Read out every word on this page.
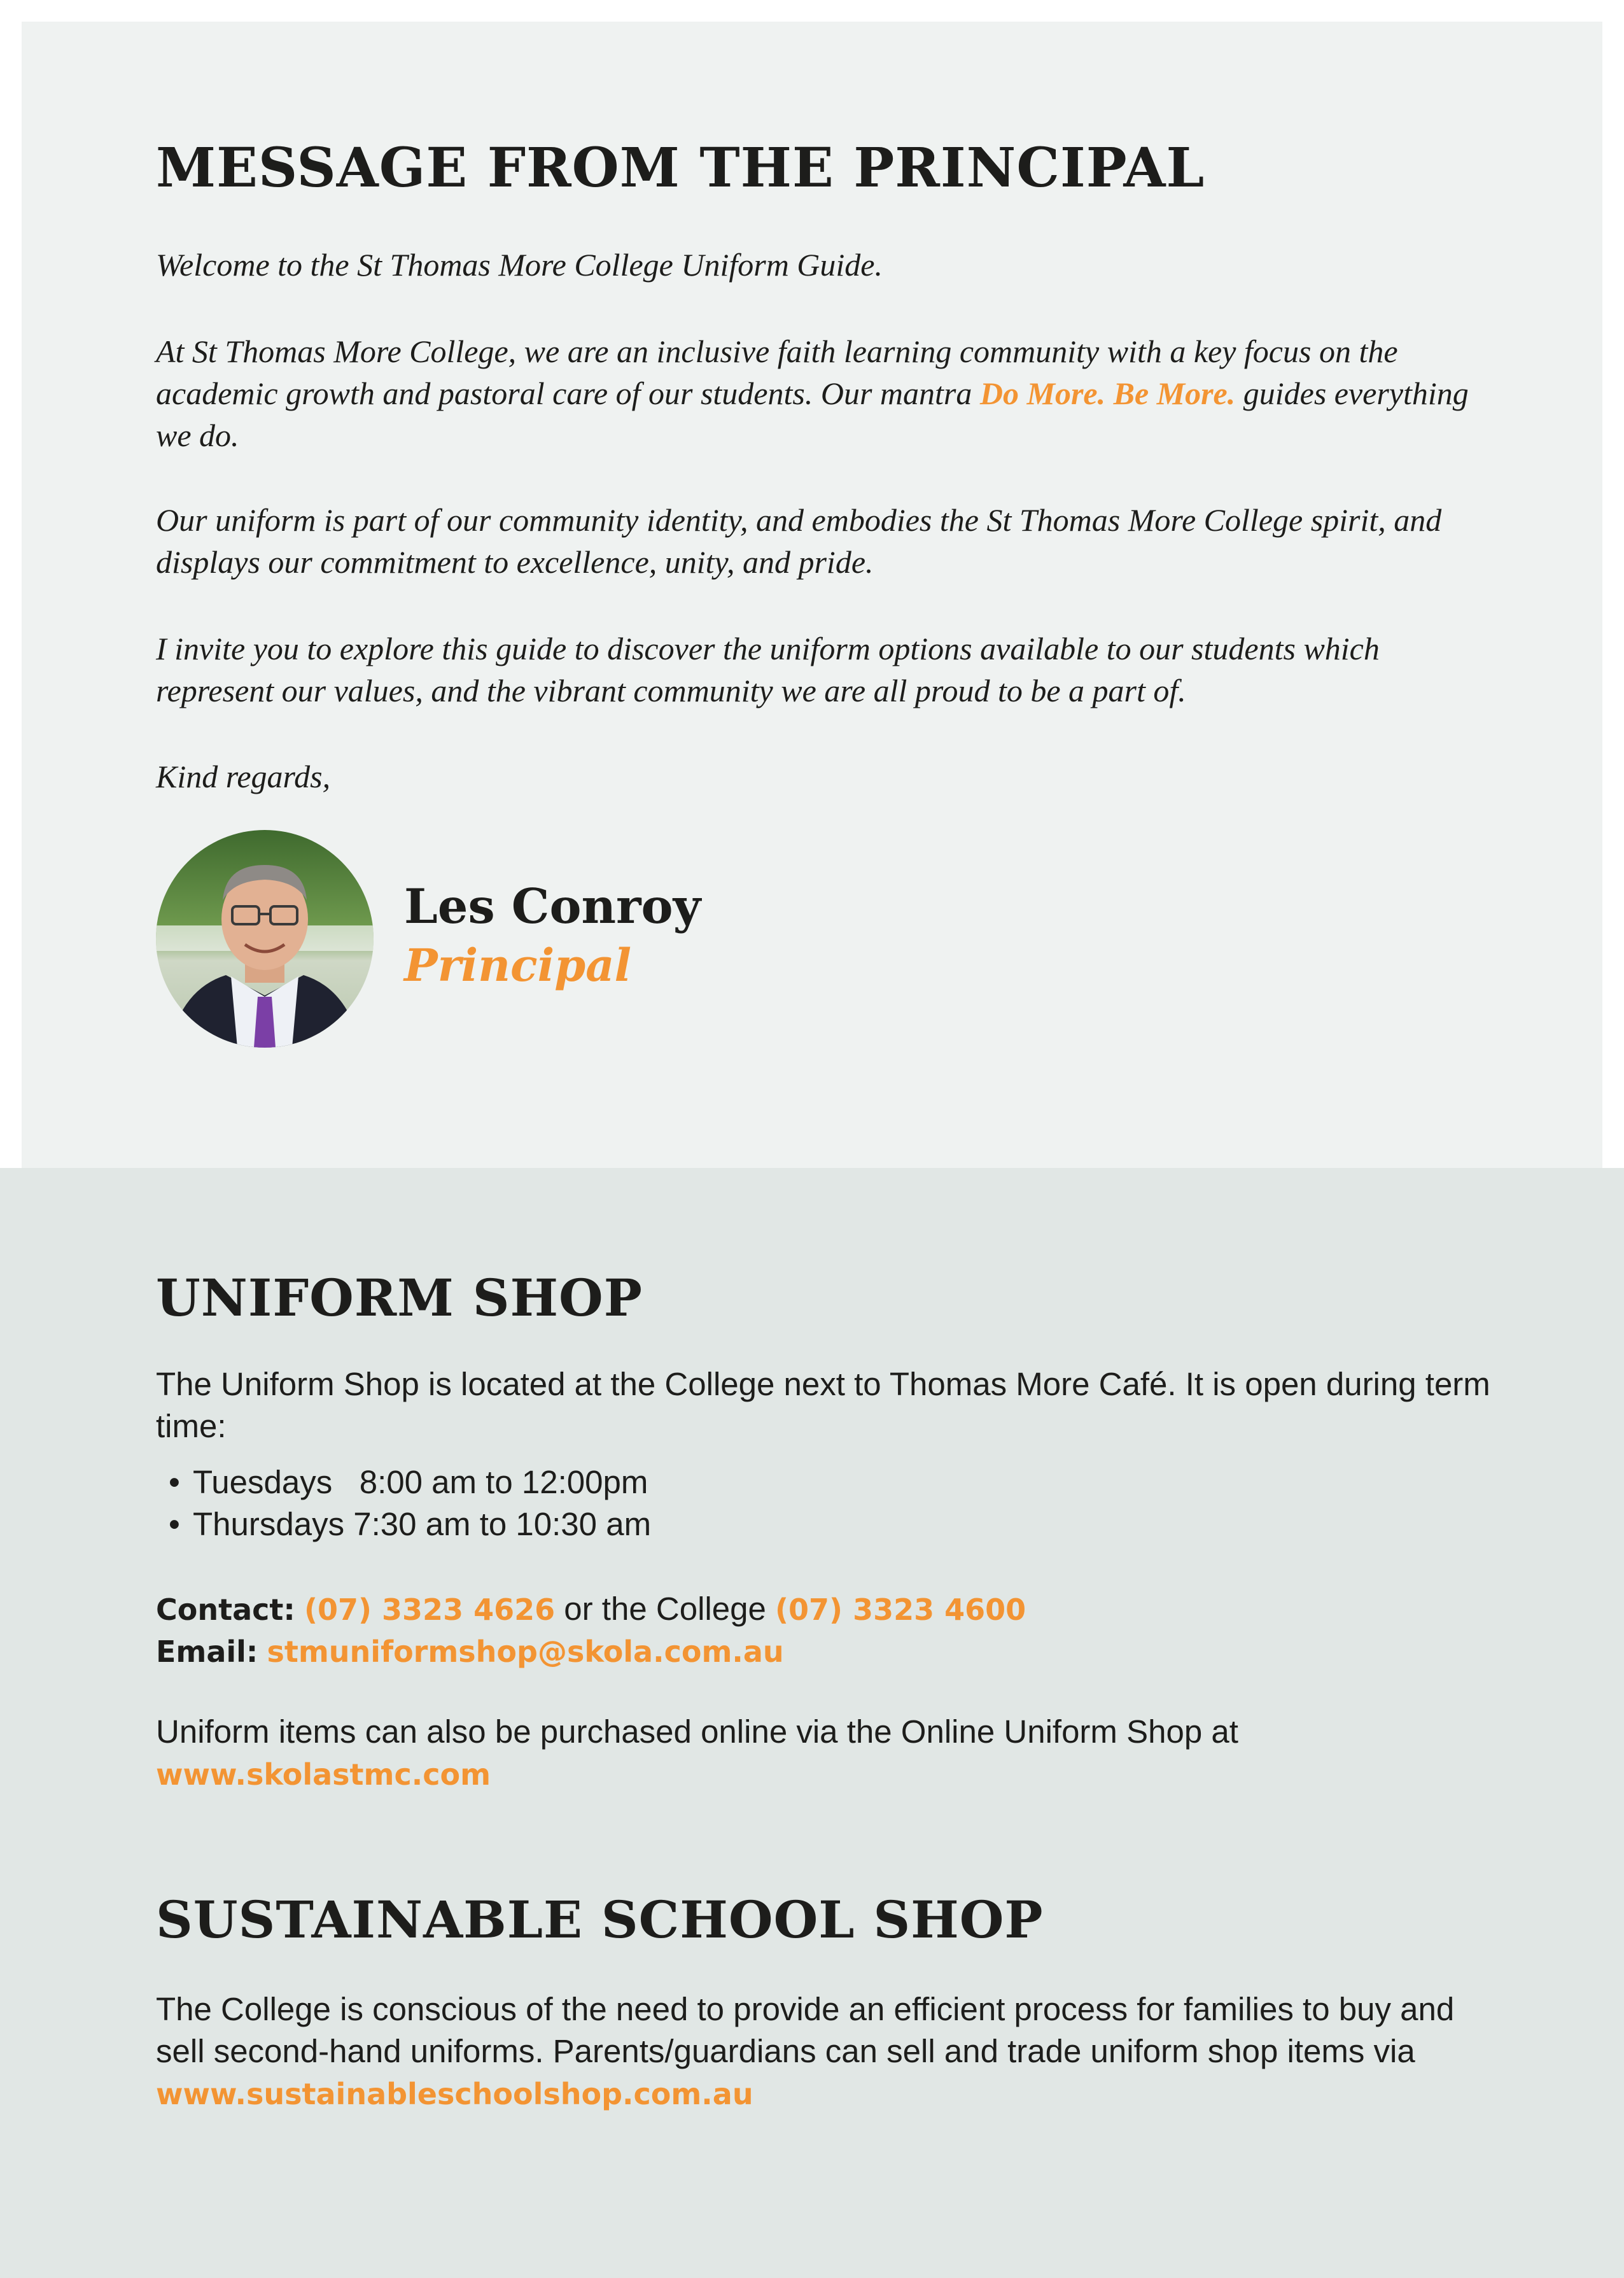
MESSAGE FROM THE PRINCIPAL

Welcome to the St Thomas More College Uniform Guide.

At St Thomas More College, we are an inclusive faith learning community with a key focus on the academic growth and pastoral care of our students. Our mantra Do More. Be More. guides everything we do.

Our uniform is part of our community identity, and embodies the St Thomas More College spirit, and displays our commitment to excellence, unity, and pride.

I invite you to explore this guide to discover the uniform options available to our students which represent our values, and the vibrant community we are all proud to be a part of.

Kind regards,

Les Conroy

Principal

UNIFORM SHOP

The Uniform Shop is located at the College next to Thomas More Café. It is open during term time:

• Tuesdays   8:00 am to 12:00pm
• Thursdays 7:30 am to 10:30 am

Contact: (07) 3323 4626 or the College (07) 3323 4600

Email: stmuniformshop@skola.com.au

Uniform items can also be purchased online via the Online Uniform Shop at

www.skolastmc.com

SUSTAINABLE SCHOOL SHOP

The College is conscious of the need to provide an efficient process for families to buy and sell second-hand uniforms. Parents/guardians can sell and trade uniform shop items via www.sustainableschoolshop.com.au
